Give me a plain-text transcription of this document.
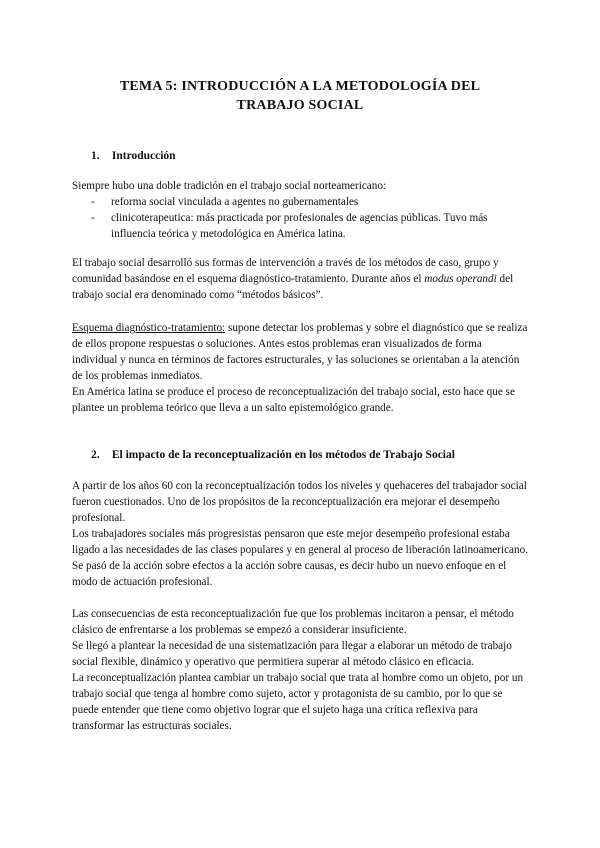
TEMA 5: INTRODUCCIÓN A LA METODOLOGÍA DEL
TRABAJO SOCIAL
1. Introducción

Siempre hubo una doble tradición en el trabajo social norteamericano:

- reforma social vinculada a agentes no gubernamentales
- clinicoterapeutica: más practicada por profesionales de agencias públicas. Tuvo más influencia teórica y metodológica en América latina.

El trabajo social desarrolló sus formas de intervención a través de los métodos de caso, grupo y comunidad basándose en el esquema diagnóstico-tratamiento. Durante años el modus operandi del trabajo social era denominado como “métodos básicos”.

Esquema diagnóstico-tratamiento: supone detectar los problemas y sobre el diagnóstico que se realiza de ellos propone respuestas o soluciones. Antes estos problemas eran visualizados de forma individual y nunca en términos de factores estructurales, y las soluciones se orientaban a la atención de los problemas inmediatos.

En América latina se produce el proceso de reconceptualización del trabajo social, esto hace que se plantee un problema teórico que lleva a un salto epistemológico grande.

2. El impacto de la reconceptualización en los métodos de Trabajo Social

A partir de los años 60 con la reconceptualización todos los niveles y quehaceres del trabajador social fueron cuestionados. Uno de los propósitos de la reconceptualización era mejorar el desempeño profesional.

Los trabajadores sociales más progresistas pensaron que este mejor desempeño profesional estaba ligado a las necesidades de las clases populares y en general al proceso de liberación latinoamericano. Se pasó de la acción sobre efectos a la acción sobre causas, es decir hubo un nuevo enfoque en el modo de actuación profesional.

Las consecuencias de esta reconceptualización fue que los problemas incitaron a pensar, el método clásico de enfrentarse a los problemas se empezó a considerar insuficiente.

Se llegó a plantear la necesidad de una sistematización para llegar a elaborar un método de trabajo social flexible, dinámico y operativo que permitiera superar al método clásico en eficacia.

La reconceptualización plantea cambiar un trabajo social que trata al hombre como un objeto, por un trabajo social que tenga al hombre como sujeto, actor y protagonista de su cambio, por lo que se puede entender que tiene como objetivo lograr que el sujeto haga una crítica reflexiva para transformar las estructuras sociales.
